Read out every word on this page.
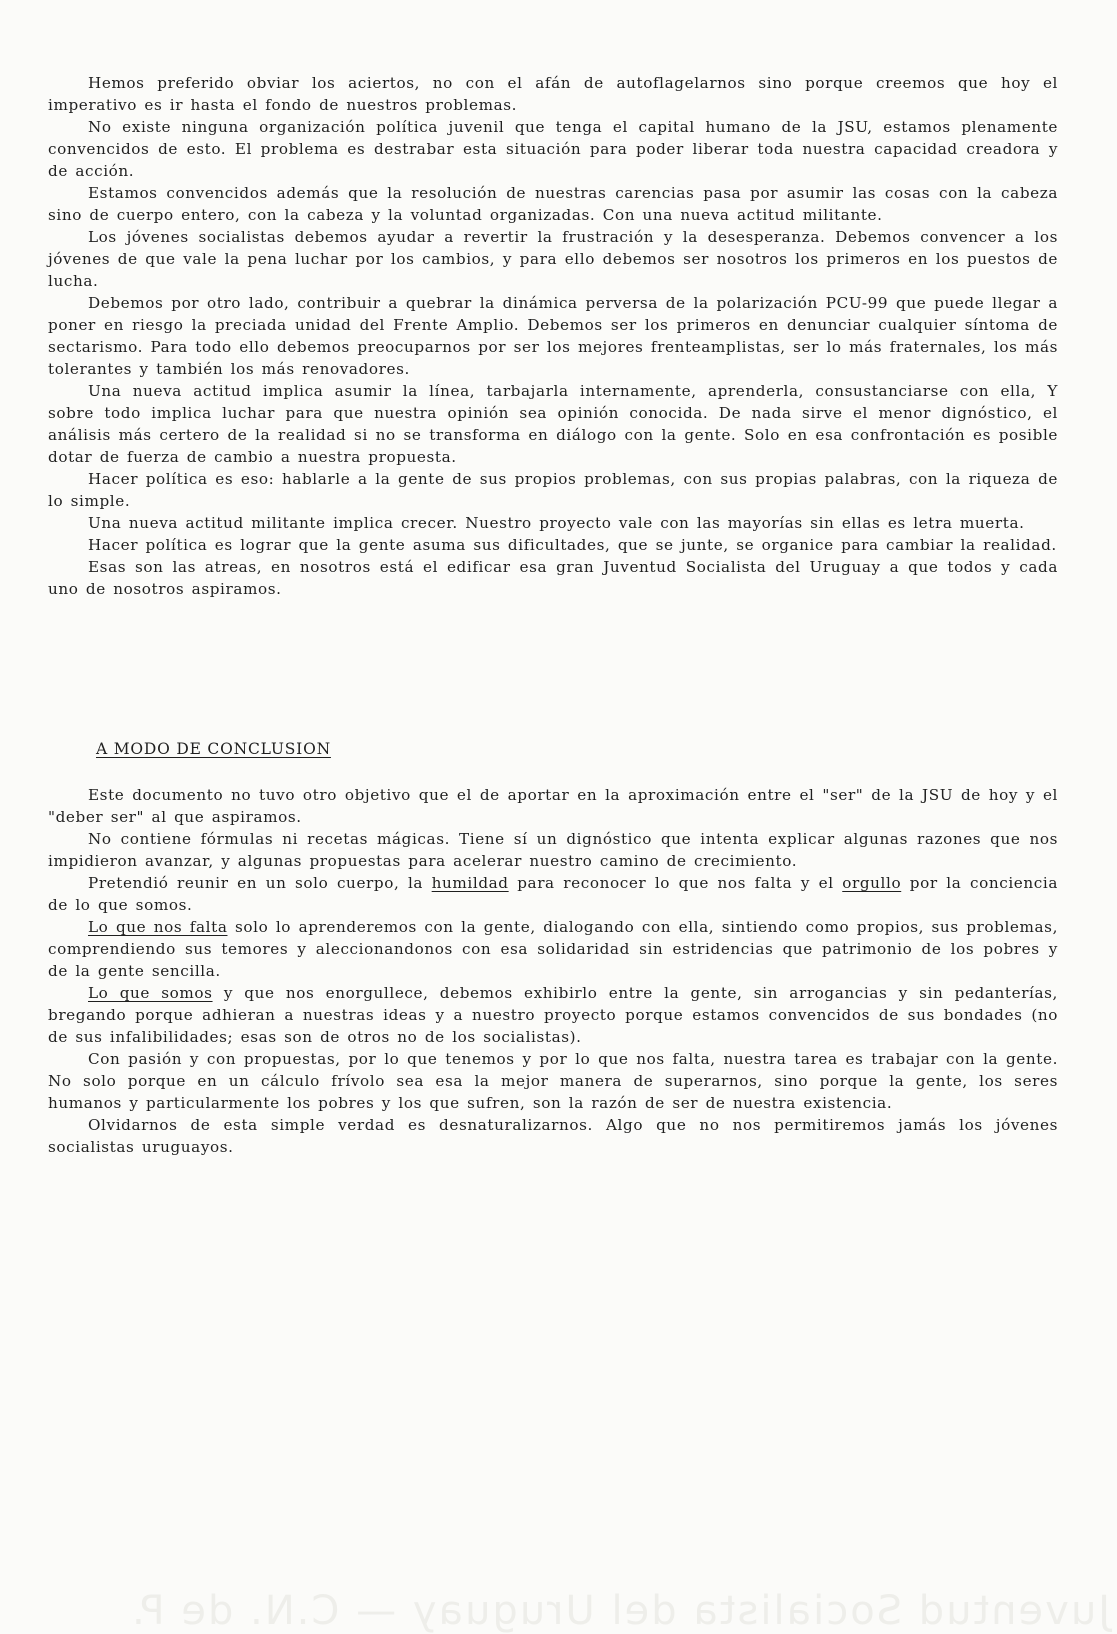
Hemos preferido obviar los aciertos, no con el afán de autoflagelarnos sino porque creemos que hoy el imperativo es ir hasta el fondo de nuestros problemas.

No existe ninguna organización política juvenil que tenga el capital humano de la JSU, estamos plenamente convencidos de esto. El problema es destrabar esta situación para poder liberar toda nuestra capacidad creadora y de acción.

Estamos convencidos además que la resolución de nuestras carencias pasa por asumir las cosas con la cabeza sino de cuerpo entero, con la cabeza y la voluntad organizadas. Con una nueva actitud militante.

Los jóvenes socialistas debemos ayudar a revertir la frustración y la desesperanza. Debemos convencer a los jóvenes de que vale la pena luchar por los cambios, y para ello debemos ser nosotros los primeros en los puestos de lucha.

Debemos por otro lado, contribuir a quebrar la dinámica perversa de la polarización PCU-99 que puede llegar a poner en riesgo la preciada unidad del Frente Amplio. Debemos ser los primeros en denunciar cualquier síntoma de sectarismo. Para todo ello debemos preocuparnos por ser los mejores frenteamplistas, ser lo más fraternales, los más tolerantes y también los más renovadores.

Una nueva actitud implica asumir la línea, tarbajarla internamente, aprenderla, consustanciarse con ella, Y sobre todo implica luchar para que nuestra opinión sea opinión conocida. De nada sirve el menor dignóstico, el análisis más certero de la realidad si no se transforma en diálogo con la gente. Solo en esa confrontación es posible dotar de fuerza de cambio a nuestra propuesta.

Hacer política es eso: hablarle a la gente de sus propios problemas, con sus propias palabras, con la riqueza de lo simple.

Una nueva actitud militante implica crecer. Nuestro proyecto vale con las mayorías sin ellas es letra muerta.

Hacer política es lograr que la gente asuma sus dificultades, que se junte, se organice para cambiar la realidad.

Esas son las atreas, en nosotros está el edificar esa gran Juventud Socialista del Uruguay a que todos y cada uno de nosotros aspiramos.

A MODO DE CONCLUSION

Este documento no tuvo otro objetivo que el de aportar en la aproximación entre el "ser" de la JSU de hoy y el "deber ser" al que aspiramos.

No contiene fórmulas ni recetas mágicas. Tiene sí un dignóstico que intenta explicar algunas razones que nos impidieron avanzar, y algunas propuestas para acelerar nuestro camino de crecimiento.

Pretendió reunir en un solo cuerpo, la humildad para reconocer lo que nos falta y el orgullo por la conciencia de lo que somos.

Lo que nos falta solo lo aprenderemos con la gente, dialogando con ella, sintiendo como propios, sus problemas, comprendiendo sus temores y aleccionandonos con esa solidaridad sin estridencias que patrimonio de los pobres y de la gente sencilla.

Lo que somos y que nos enorgullece, debemos exhibirlo entre la gente, sin arrogancias y sin pedanterías, bregando porque adhieran a nuestras ideas y a nuestro proyecto porque estamos convencidos de sus bondades (no de sus infalibilidades; esas son de otros no de los socialistas).

Con pasión y con propuestas, por lo que tenemos y por lo que nos falta, nuestra tarea es trabajar con la gente. No solo porque en un cálculo frívolo sea esa la mejor manera de superarnos, sino porque la gente, los seres humanos y particularmente los pobres y los que sufren, son la razón de ser de nuestra existencia.

Olvidarnos de esta simple verdad es desnaturalizarnos. Algo que no nos permitiremos jamás los jóvenes socialistas uruguayos.

Juventud Socialista del Uruguay — C.N. de P.
